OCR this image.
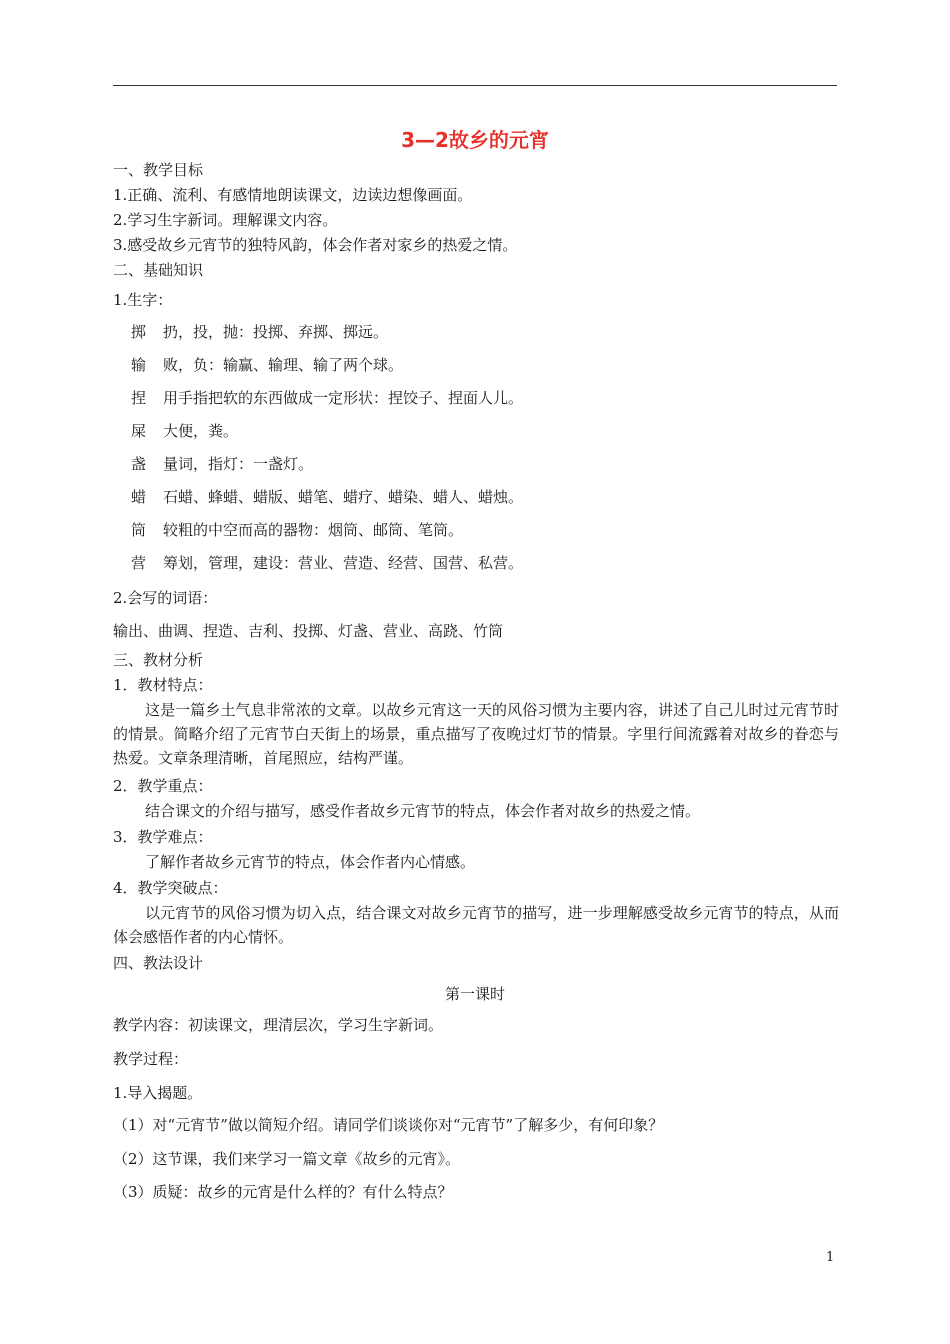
3—2故乡的元宵
一、教学目标
1.正确、流利、有感情地朗读课文，边读边想像画面。
2.学习生字新词。理解课文内容。
3.感受故乡元宵节的独特风韵，体会作者对家乡的热爱之情。
二、基础知识
1.生字：
掷 扔，投，抛：投掷、弃掷、掷远。
输 败，负：输赢、输理、输了两个球。
捏 用手指把软的东西做成一定形状：捏饺子、捏面人儿。
屎 大便，粪。
盏 量词，指灯：一盏灯。
蜡 石蜡、蜂蜡、蜡版、蜡笔、蜡疗、蜡染、蜡人、蜡烛。
筒 较粗的中空而高的器物：烟筒、邮筒、笔筒。
营 筹划，管理，建设：营业、营造、经营、国营、私营。
2.会写的词语：
输出、曲调、捏造、吉利、投掷、灯盏、营业、高跷、竹筒
三、教材分析
1．教材特点：
这是一篇乡土气息非常浓的文章。以故乡元宵这一天的风俗习惯为主要内容，讲述了自己儿时过元宵节时的情景。简略介绍了元宵节白天街上的场景，重点描写了夜晚过灯节的情景。字里行间流露着对故乡的眷恋与热爱。文章条理清晰，首尾照应，结构严谨。
2．教学重点：
结合课文的介绍与描写，感受作者故乡元宵节的特点，体会作者对故乡的热爱之情。
3．教学难点：
了解作者故乡元宵节的特点，体会作者内心情感。
4．教学突破点：
以元宵节的风俗习惯为切入点，结合课文对故乡元宵节的描写，进一步理解感受故乡元宵节的特点，从而体会感悟作者的内心情怀。
四、教法设计
第一课时
教学内容：初读课文，理清层次，学习生字新词。
教学过程：
1.导入揭题。
（1）对“元宵节”做以简短介绍。请同学们谈谈你对“元宵节”了解多少，有何印象？
（2）这节课，我们来学习一篇文章《故乡的元宵》。
（3）质疑：故乡的元宵是什么样的？有什么特点？
1
